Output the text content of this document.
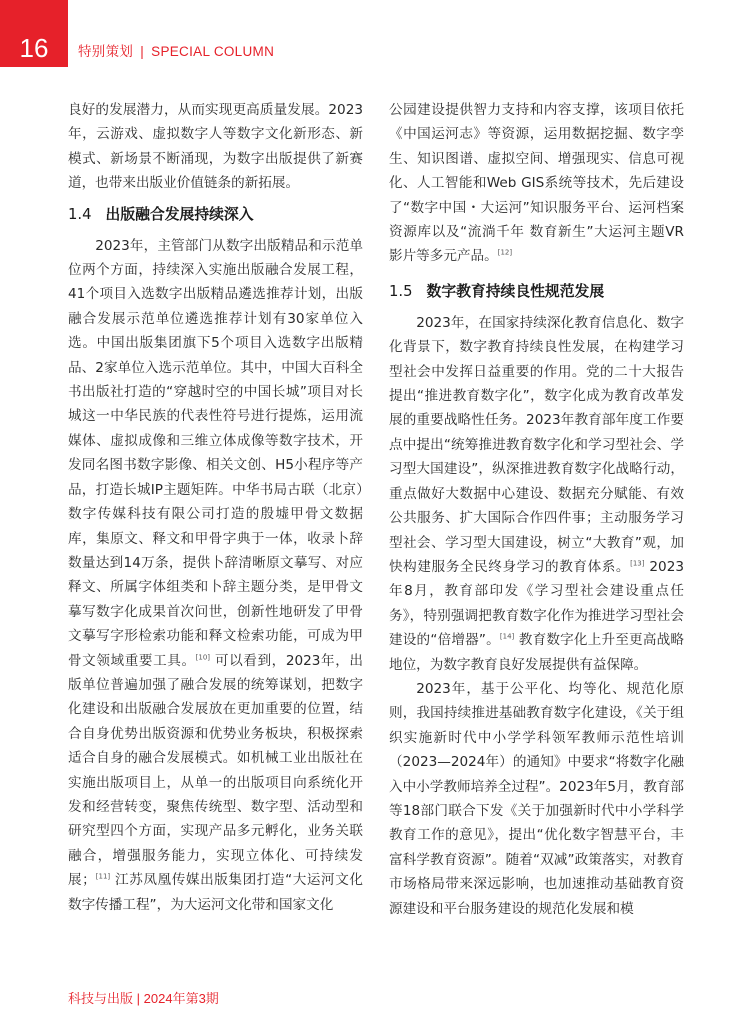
16 特别策划 | SPECIAL COLUMN

良好的发展潜力，从而实现更高质量发展。2023年，云游戏、虚拟数字人等数字文化新形态、新模式、新场景不断涌现，为数字出版提供了新赛道，也带来出版业价值链条的新拓展。

1.4 出版融合发展持续深入

2023年，主管部门从数字出版精品和示范单位两个方面，持续深入实施出版融合发展工程，41个项目入选数字出版精品遴选推荐计划，出版融合发展示范单位遴选推荐计划有30家单位入选。中国出版集团旗下5个项目入选数字出版精品、2家单位入选示范单位。其中，中国大百科全书出版社打造的“穿越时空的中国长城”项目对长城这一中华民族的代表性符号进行提炼，运用流媒体、虚拟成像和三维立体成像等数字技术，开发同名图书数字影像、相关文创、H5小程序等产品，打造长城IP主题矩阵。中华书局古联（北京）数字传媒科技有限公司打造的殷墟甲骨文数据库，集原文、释文和甲骨字典于一体，收录卜辞数量达到14万条，提供卜辞清晰原文摹写、对应释文、所属字体组类和卜辞主题分类，是甲骨文摹写数字化成果首次问世，创新性地研发了甲骨文摹写字形检索功能和释文检索功能，可成为甲骨文领域重要工具。[10] 可以看到，2023年，出版单位普遍加强了融合发展的统筹谋划，把数字化建设和出版融合发展放在更加重要的位置，结合自身优势出版资源和优势业务板块，积极探索适合自身的融合发展模式。如机械工业出版社在实施出版项目上，从单一的出版项目向系统化开发和经营转变，聚焦传统型、数字型、活动型和研究型四个方面，实现产品多元孵化，业务关联融合，增强服务能力，实现立体化、可持续发展；[11] 江苏凤凰传媒出版集团打造“大运河文化数字传播工程”，为大运河文化带和国家文化

公园建设提供智力支持和内容支撑，该项目依托《中国运河志》等资源，运用数据挖掘、数字孪生、知识图谱、虚拟空间、增强现实、信息可视化、人工智能和Web GIS系统等技术，先后建设了“数字中国・大运河”知识服务平台、运河档案资源库以及“流淌千年 数育新生”大运河主题VR影片等多元产品。[12]

1.5 数字教育持续良性规范发展

2023年，在国家持续深化教育信息化、数字化背景下，数字教育持续良性发展，在构建学习型社会中发挥日益重要的作用。党的二十大报告提出“推进教育数字化”，数字化成为教育改革发展的重要战略性任务。2023年教育部年度工作要点中提出“统筹推进教育数字化和学习型社会、学习型大国建设”，纵深推进教育数字化战略行动，重点做好大数据中心建设、数据充分赋能、有效公共服务、扩大国际合作四件事；主动服务学习型社会、学习型大国建设，树立“大教育”观，加快构建服务全民终身学习的教育体系。[13] 2023年8月，教育部印发《学习型社会建设重点任务》，特别强调把教育数字化作为推进学习型社会建设的“倍增器”。[14] 教育数字化上升至更高战略地位，为数字教育良好发展提供有益保障。

2023年，基于公平化、均等化、规范化原则，我国持续推进基础教育数字化建设，《关于组织实施新时代中小学学科领军教师示范性培训（2023—2024年）的通知》中要求“将数字化融入中小学教师培养全过程”。2023年5月，教育部等18部门联合下发《关于加强新时代中小学科学教育工作的意见》，提出“优化数字智慧平台，丰富科学教育资源”。随着“双减”政策落实，对教育市场格局带来深远影响，也加速推动基础教育资源建设和平台服务建设的规范化发展和模

科技与出版 | 2024年第3期
